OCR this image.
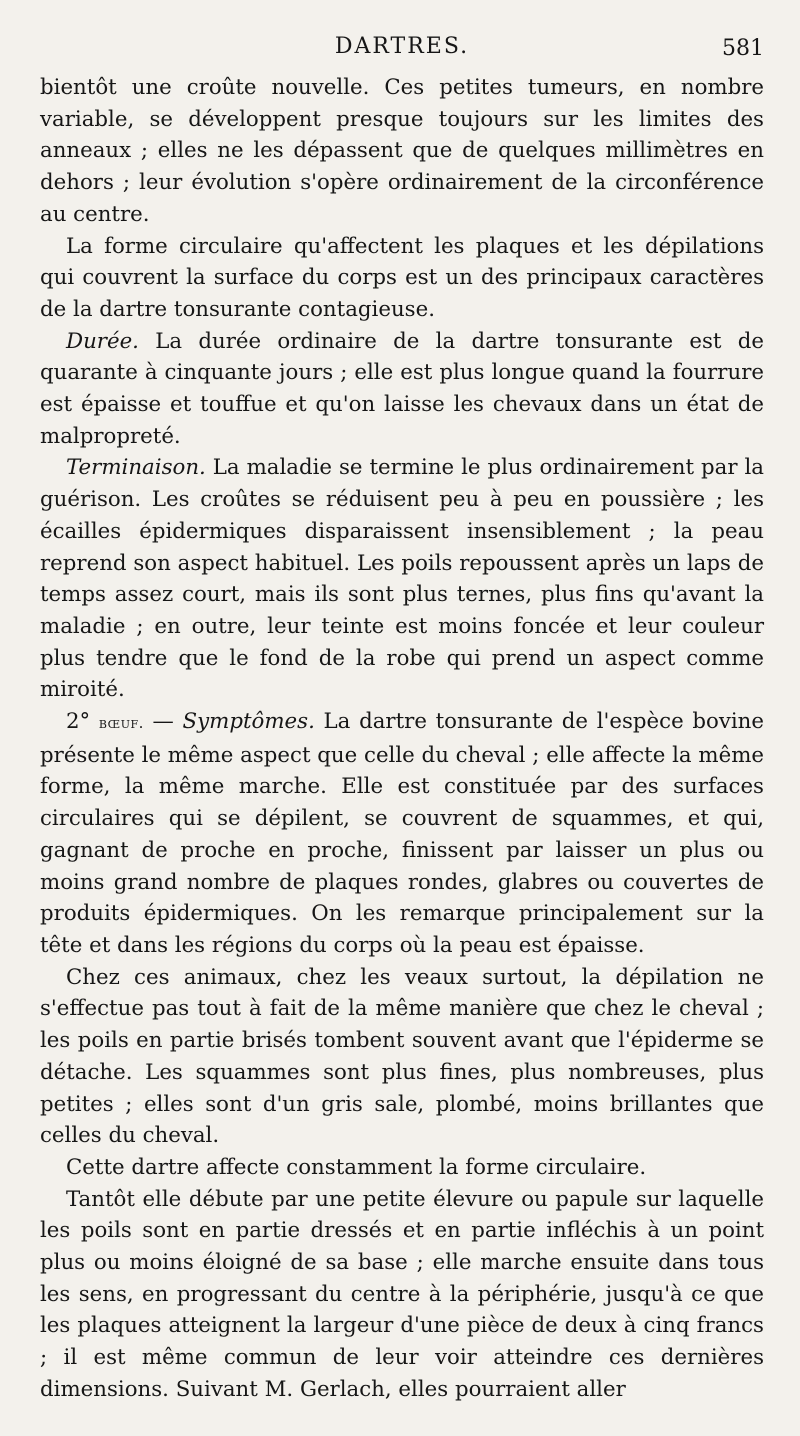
DARTRES.	581

bientôt une croûte nouvelle. Ces petites tumeurs, en nombre variable, se développent presque toujours sur les limites des anneaux ; elles ne les dépassent que de quelques millimètres en dehors ; leur évolution s'opère ordinairement de la circonférence au centre.

La forme circulaire qu'affectent les plaques et les dépilations qui couvrent la surface du corps est un des principaux caractères de la dartre tonsurante contagieuse.

Durée. La durée ordinaire de la dartre tonsurante est de quarante à cinquante jours ; elle est plus longue quand la fourrure est épaisse et touffue et qu'on laisse les chevaux dans un état de malpropreté.

Terminaison. La maladie se termine le plus ordinairement par la guérison. Les croûtes se réduisent peu à peu en poussière ; les écailles épidermiques disparaissent insensiblement ; la peau reprend son aspect habituel. Les poils repoussent après un laps de temps assez court, mais ils sont plus ternes, plus fins qu'avant la maladie ; en outre, leur teinte est moins foncée et leur couleur plus tendre que le fond de la robe qui prend un aspect comme miroité.

2° bœuf. — Symptômes. La dartre tonsurante de l'espèce bovine présente le même aspect que celle du cheval ; elle affecte la même forme, la même marche. Elle est constituée par des surfaces circulaires qui se dépilent, se couvrent de squammes, et qui, gagnant de proche en proche, finissent par laisser un plus ou moins grand nombre de plaques rondes, glabres ou couvertes de produits épidermiques. On les remarque principalement sur la tête et dans les régions du corps où la peau est épaisse.

Chez ces animaux, chez les veaux surtout, la dépilation ne s'effectue pas tout à fait de la même manière que chez le cheval ; les poils en partie brisés tombent souvent avant que l'épiderme se détache. Les squammes sont plus fines, plus nombreuses, plus petites ; elles sont d'un gris sale, plombé, moins brillantes que celles du cheval.

Cette dartre affecte constamment la forme circulaire.

Tantôt elle débute par une petite élevure ou papule sur laquelle les poils sont en partie dressés et en partie infléchis à un point plus ou moins éloigné de sa base ; elle marche ensuite dans tous les sens, en progressant du centre à la périphérie, jusqu'à ce que les plaques atteignent la largeur d'une pièce de deux à cinq francs ; il est même commun de leur voir atteindre ces dernières dimensions. Suivant M. Gerlach, elles pourraient aller
